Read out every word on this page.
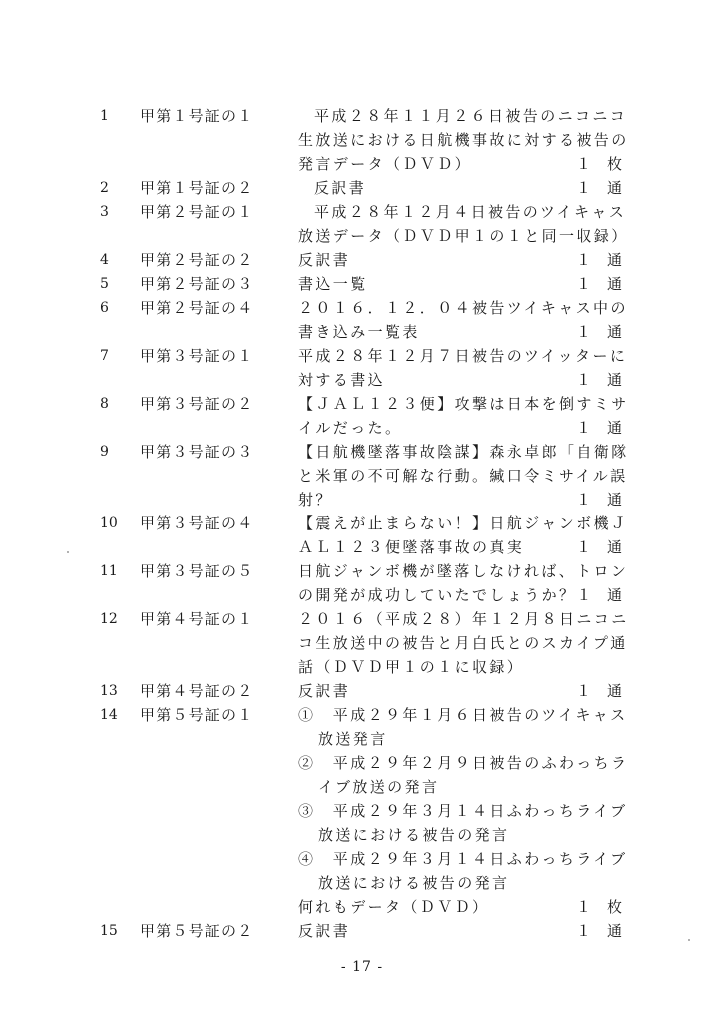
1	甲第１号証の１	平成２８年１１月２６日被告のニコニコ
生放送における日航機事故に対する被告の
発言データ（ＤＶＤ）	１ 枚
2	甲第１号証の２	反訳書	１ 通
3	甲第２号証の１	平成２８年１２月４日被告のツイキャス
放送データ（ＤＶＤ甲１の１と同一収録）
4	甲第２号証の２	反訳書	１ 通
5	甲第２号証の３	書込一覧	１ 通
6	甲第２号証の４	２０１６．１２．０４被告ツイキャス中の
書き込み一覧表	１ 通
7	甲第３号証の１	平成２８年１２月７日被告のツイッターに
対する書込	１ 通
8	甲第３号証の２	【ＪＡＬ１２３便】攻撃は日本を倒すミサ
イルだった。	１ 通
9	甲第３号証の３	【日航機墜落事故陰謀】森永卓郎「自衛隊
と米軍の不可解な行動。緘口令ミサイル誤
射？	１ 通
10	甲第３号証の４	【震えが止まらない！】日航ジャンボ機Ｊ
ＡＬ１２３便墜落事故の真実	１ 通
11	甲第３号証の５	日航ジャンボ機が墜落しなければ、トロン
の開発が成功していたでしょうか？１ 通
12	甲第４号証の１	２０１６（平成２８）年１２月８日ニコニ
コ生放送中の被告と月白氏とのスカイプ通
話（ＤＶＤ甲１の１に収録）
13	甲第４号証の２	反訳書	１ 通
14	甲第５号証の１	①　平成２９年１月６日被告のツイキャス
放送発言
②　平成２９年２月９日被告のふわっちラ
イブ放送の発言
③　平成２９年３月１４日ふわっちライブ
放送における被告の発言
④　平成２９年３月１４日ふわっちライブ
放送における被告の発言
何れもデータ（ＤＶＤ）	１ 枚
15	甲第５号証の２	反訳書	１ 通
- 17 -
